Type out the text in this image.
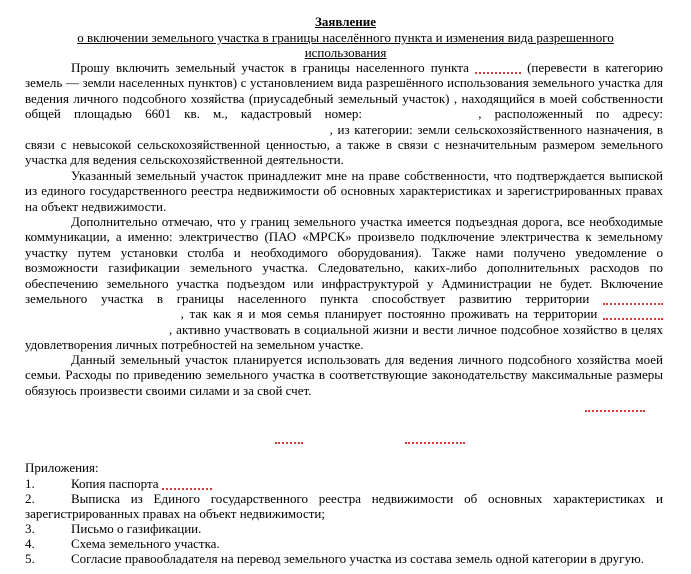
Заявление
о включении земельного участка в границы населённого пункта и изменения вида разрешенного
использования

Прошу включить земельный участок в границы населенного пункта	(перевести в категорию земель — земли населенных пунктов) с установлением вида разрешённого использования земельного участка для ведения личного подсобного хозяйства (приусадебный земельный участок) , находящийся в моей собственности общей площадью 6601 кв. м., кадастровый номер:	, расположенный по адресу:  , из категории: земли сельскохозяйственного назначения, в связи с невысокой сельскохозяйственной ценностью, а также в связи с незначительным размером земельного участка для ведения сельскохозяйственной деятельности.

Указанный земельный участок принадлежит мне на праве собственности, что подтверждается выпиской из единого государственного реестра недвижимости об основных характеристиках и зарегистрированных правах на объект недвижимости.

Дополнительно отмечаю, что у границ земельного участка имеется подъездная дорога, все необходимые коммуникации, а именно: электричество (ПАО «МРСК» произвело подключение электричества к земельному участку путем установки столба и необходимого оборудования). Также нами получено уведомление о возможности газификации земельного участка. Следовательно, каких-либо дополнительных расходов по обеспечению земельного участка подъездом или инфраструктурой у Администрации не будет. Включение земельного участка в границы населенного пункта способствует развитию территории   , так как я и моя семья планирует постоянно проживать на территории   , активно участвовать в социальной жизни и вести личное подсобное хозяйство в целях удовлетворения личных потребностей на земельном участке.

Данный земельный участок планируется использовать для ведения личного подсобного хозяйства моей семьи. Расходы по приведению земельного участка в соответствующие законодательству максимальные размеры обязуюсь произвести своими силами и за свой счет.

Приложения:
1.	Копия паспорта
2.	Выписка из Единого государственного реестра недвижимости об основных характеристиках и зарегистрированных правах на объект недвижимости;
3.	Письмо о газификации.
4.	Схема земельного участка.
5.	Согласие правообладателя на перевод земельного участка из состава земель одной категории в другую.
